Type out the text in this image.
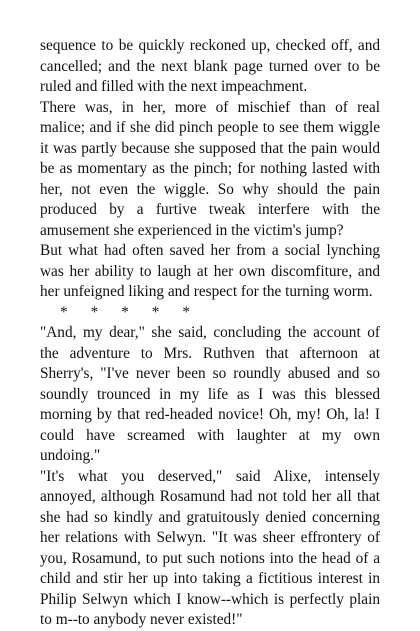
sequence to be quickly reckoned up, checked off, and cancelled; and the next blank page turned over to be ruled and filled with the next impeachment.

There was, in her, more of mischief than of real malice; and if she did pinch people to see them wiggle it was partly because she supposed that the pain would be as momentary as the pinch; for nothing lasted with her, not even the wiggle. So why should the pain produced by a furtive tweak interfere with the amusement she experienced in the victim's jump?

But what had often saved her from a social lynching was her ability to laugh at her own discomfiture, and her unfeigned liking and respect for the turning worm.

*      *      *      *      *

"And, my dear," she said, concluding the account of the adventure to Mrs. Ruthven that afternoon at Sherry's, "I've never been so roundly abused and so soundly trounced in my life as I was this blessed morning by that red-headed novice! Oh, my! Oh, la! I could have screamed with laughter at my own undoing."

"It's what you deserved," said Alixe, intensely annoyed, although Rosamund had not told her all that she had so kindly and gratuitously denied concerning her relations with Selwyn. "It was sheer effrontery of you, Rosamund, to put such notions into the head of a child and stir her up into taking a fictitious interest in Philip Selwyn which I know--which is perfectly plain to m--to anybody never existed!"
